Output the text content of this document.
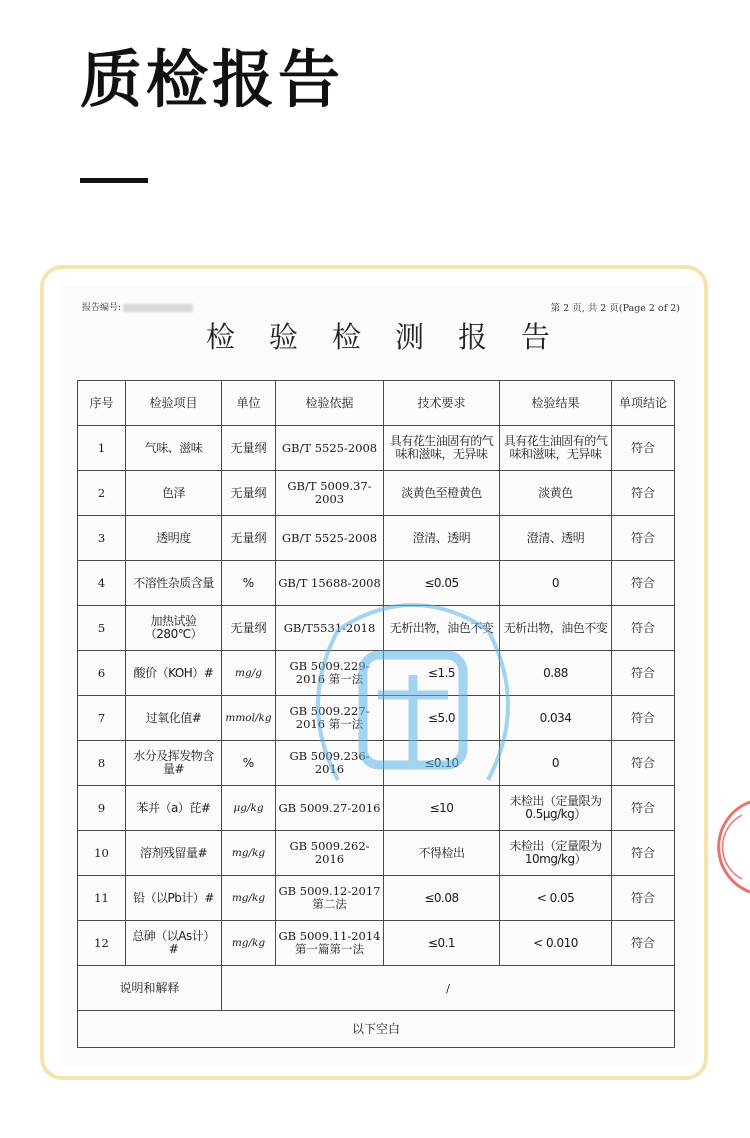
质检报告
报告编号:	第 2 页, 共 2 页(Page 2 of 2)
检验检测报告
序号	检验项目	单位	检验依据	技术要求	检验结果	单项结论
1	气味、滋味	无量纲	GB/T 5525-2008	具有花生油固有的气味和滋味，无异味	具有花生油固有的气味和滋味，无异味	符合
2	色泽	无量纲	GB/T 5009.37-2003	淡黄色至橙黄色	淡黄色	符合
3	透明度	无量纲	GB/T 5525-2008	澄清、透明	澄清、透明	符合
4	不溶性杂质含量	%	GB/T 15688-2008	≤0.05	0	符合
5	加热试验（280℃）	无量纲	GB/T5531-2018	无析出物，油色不变	无析出物，油色不变	符合
6	酸价（KOH）#	mg/g	GB 5009.229-2016 第一法	≤1.5	0.88	符合
7	过氧化值#	mmol/kg	GB 5009.227-2016 第一法	≤5.0	0.034	符合
8	水分及挥发物含量#	%	GB 5009.236-2016	≤0.10	0	符合
9	苯并（a）芘#	μg/kg	GB 5009.27-2016	≤10	未检出（定量限为0.5μg/kg）	符合
10	溶剂残留量#	mg/kg	GB 5009.262-2016	不得检出	未检出（定量限为10mg/kg）	符合
11	铅（以Pb计）#	mg/kg	GB 5009.12-2017 第二法	≤0.08	< 0.05	符合
12	总砷（以As计）#	mg/kg	GB 5009.11-2014 第一篇第一法	≤0.1	< 0.010	符合
说明和解释		/				
以下空白						
